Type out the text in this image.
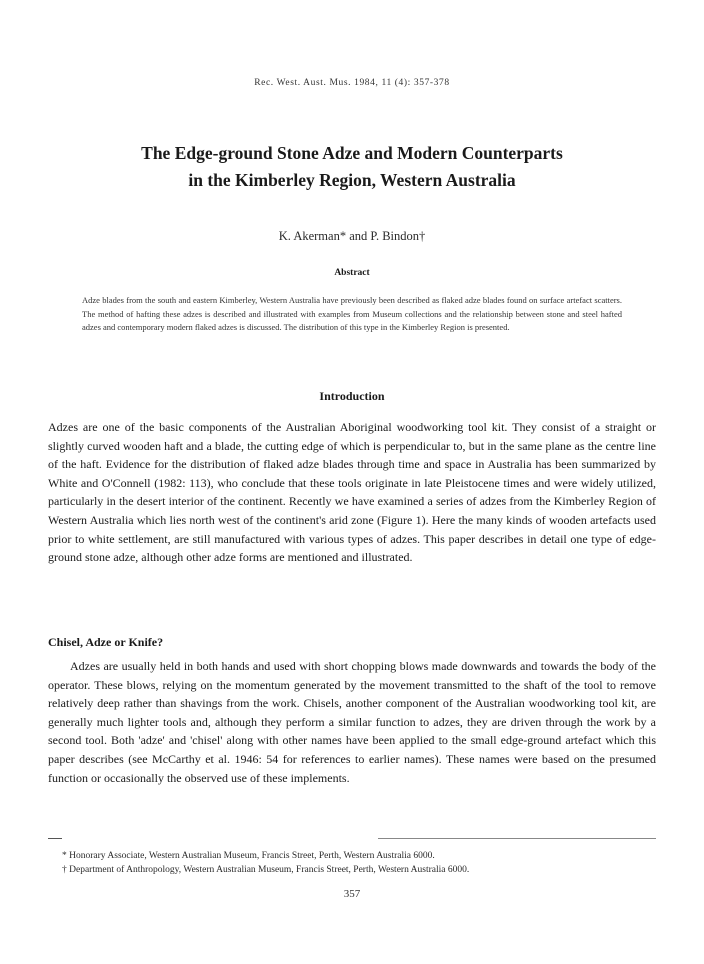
Rec. West. Aust. Mus. 1984, 11 (4): 357-378
The Edge-ground Stone Adze and Modern Counterparts
in the Kimberley Region, Western Australia
K. Akerman* and P. Bindon†
Abstract

Adze blades from the south and eastern Kimberley, Western Australia have previously been described as flaked adze blades found on surface artefact scatters. The method of hafting these adzes is described and illustrated with examples from Museum collections and the relationship between stone and steel hafted adzes and contemporary modern flaked adzes is discussed. The distribution of this type in the Kimberley Region is presented.

Introduction

Adzes are one of the basic components of the Australian Aboriginal woodworking tool kit. They consist of a straight or slightly curved wooden haft and a blade, the cutting edge of which is perpendicular to, but in the same plane as the centre line of the haft. Evidence for the distribution of flaked adze blades through time and space in Australia has been summarized by White and O'Connell (1982: 113), who conclude that these tools originate in late Pleistocene times and were widely utilized, particularly in the desert interior of the continent. Recently we have examined a series of adzes from the Kimberley Region of Western Australia which lies north west of the continent's arid zone (Figure 1). Here the many kinds of wooden artefacts used prior to white settlement, are still manufactured with various types of adzes. This paper describes in detail one type of edge-ground stone adze, although other adze forms are mentioned and illustrated.

Chisel, Adze or Knife?

Adzes are usually held in both hands and used with short chopping blows made downwards and towards the body of the operator. These blows, relying on the momentum generated by the movement transmitted to the shaft of the tool to remove relatively deep rather than shavings from the work. Chisels, another component of the Australian woodworking tool kit, are generally much lighter tools and, although they perform a similar function to adzes, they are driven through the work by a second tool. Both 'adze' and 'chisel' along with other names have been applied to the small edge-ground artefact which this paper describes (see McCarthy et al. 1946: 54 for references to earlier names). These names were based on the presumed function or occasionally the observed use of these implements.

* Honorary Associate, Western Australian Museum, Francis Street, Perth, Western Australia 6000.
† Department of Anthropology, Western Australian Museum, Francis Street, Perth, Western Australia 6000.
357
